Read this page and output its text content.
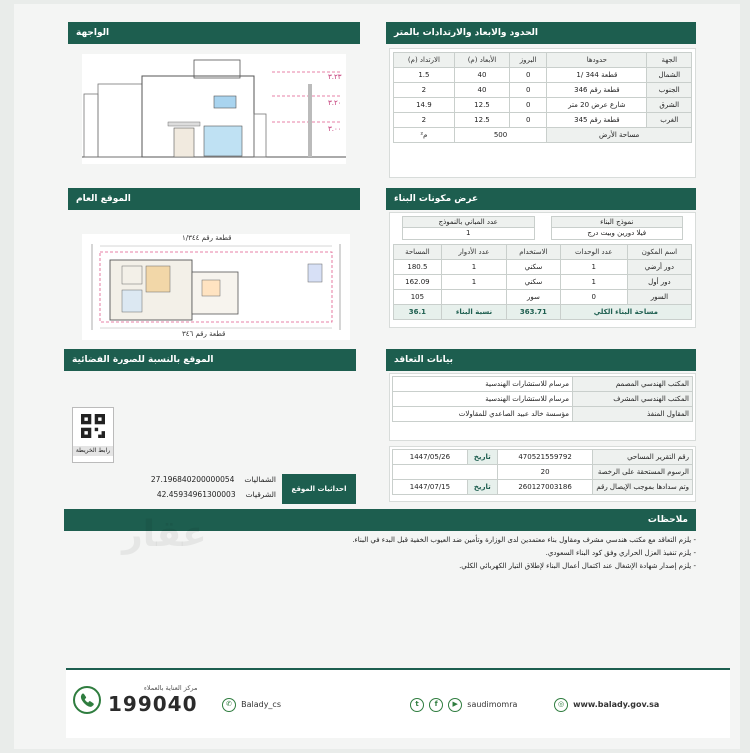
الحدود والابعاد والارتدادات بالمتر
الجهة	حدودها	البروز	الأبعاد (م)	الارتداد (م)
الشمال	قطعة 344 /1	0	40	1.5
الجنوب	قطعة رقم 346	0	40	2
الشرق	شارع عرض 20 متر	0	12.5	14.9
الغرب	قطعة رقم 345	0	12.5	2
مساحة الأرض		500		م²
الواجهة
٣.٢٣
٣.٢٠
٣.٠٠
عرض مكونات البناء
نموذج البناء
فيلا دورين وبيت درج
عدد المباني بالنموذج
1
اسم المكون	عدد الوحدات	الاستخدام	عدد الأدوار	المساحة
دور أرضي	1	سكني	1	180.5
دور أول	1	سكني	1	162.09
السور	0	سور		105
مساحة البناء الكلي		363.71	نسبة البناء	36.1
الموقع العام
قطعة رقم ١/٣٤٤
قطعة رقم ٣٤٦
الموقع بالنسبة للصورة الفضائية
رابط الخريطة
احداثيات الموقع
الشماليات
27.196840200000054
الشرقيات
42.45934961300003
بيانات التعاقد
المكتب الهندسي المصمم	مرسام للاستشارات الهندسية
المكتب الهندسي المشرف	مرسام للاستشارات الهندسية
المقاول المنفذ	مؤسسة خالد عبيد الصاعدي للمقاولات
رقم التقرير المساحي	470521559792	تاريخ	1447/05/26
الرسوم المستحقة على الرخصة	20		
وتم سدادها بموجب الإيصال رقم	260127003186	تاريخ	1447/07/15
ملاحظات
- يلزم التعاقد مع مكتب هندسي مشرف ومقاول بناء معتمدين لدى الوزارة وتأمين ضد العيوب الخفية قبل البدء في البناء.
- يلزم تنفيذ العزل الحراري وفق كود البناء السعودي.
- يلزم إصدار شهادة الإشغال عند اكتمال أعمال البناء لإطلاق التيار الكهربائي الكلي.
عقار
مركز العناية بالعملاء
199040	✆ Balady_cs	t f ▶ saudimomra	◎ www.balady.gov.sa
